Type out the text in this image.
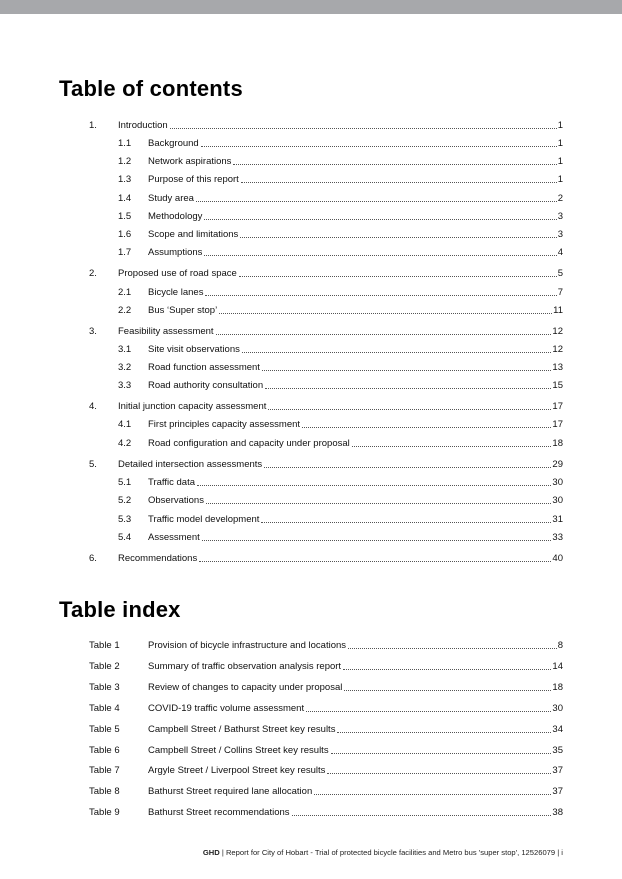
Table of contents
1. Introduction	1
1.1 Background	1
1.2 Network aspirations	1
1.3 Purpose of this report	1
1.4 Study area	2
1.5 Methodology	3
1.6 Scope and limitations	3
1.7 Assumptions	4
2. Proposed use of road space	5
2.1 Bicycle lanes	7
2.2 Bus ‘Super stop’	11
3. Feasibility assessment	12
3.1 Site visit observations	12
3.2 Road function assessment	13
3.3 Road authority consultation	15
4. Initial junction capacity assessment	17
4.1 First principles capacity assessment	17
4.2 Road configuration and capacity under proposal	18
5. Detailed intersection assessments	29
5.1 Traffic data	30
5.2 Observations	30
5.3 Traffic model development	31
5.4 Assessment	33
6. Recommendations	40
Table index
Table 1	Provision of bicycle infrastructure and locations	8
Table 2	Summary of traffic observation analysis report	14
Table 3	Review of changes to capacity under proposal	18
Table 4	COVID-19 traffic volume assessment	30
Table 5	Campbell Street / Bathurst Street key results	34
Table 6	Campbell Street / Collins Street key results	35
Table 7	Argyle Street / Liverpool Street key results	37
Table 8	Bathurst Street required lane allocation	37
Table 9	Bathurst Street recommendations	38
GHD | Report for City of Hobart - Trial of protected bicycle facilities and Metro bus 'super stop', 12526079 | i
